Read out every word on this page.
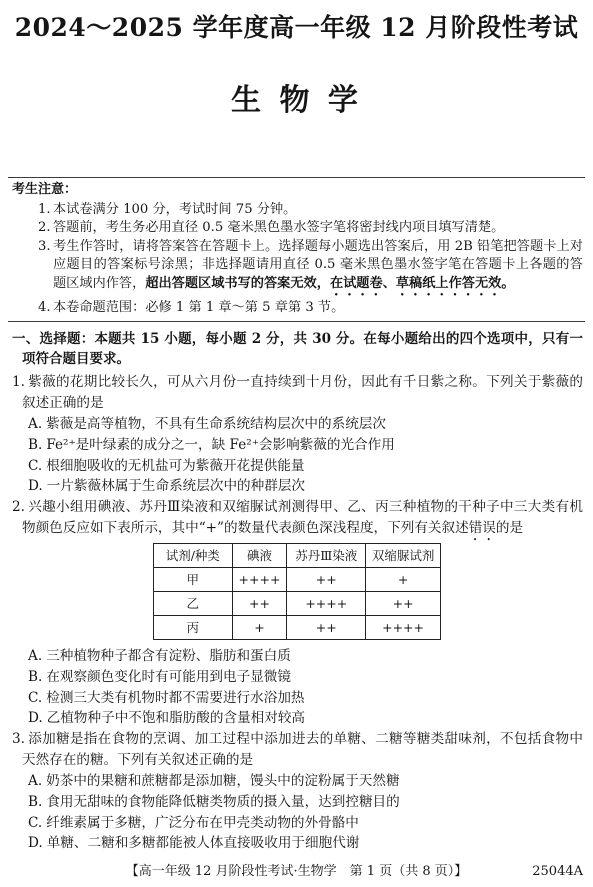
2024～2025 学年度高一年级 12 月阶段性考试
生 物 学
考生注意：
1. 本试卷满分 100 分，考试时间 75 分钟。
2. 答题前，考生务必用直径 0.5 毫米黑色墨水签字笔将密封线内项目填写清楚。
3. 考生作答时，请将答案答在答题卡上。选择题每小题选出答案后，用 2B 铅笔把答题卡上对应题目的答案标号涂黑；非选择题请用直径 0.5 毫米黑色墨水签字笔在答题卡上各题的答题区域内作答，超出答题区域书写的答案无效，在试题卷、草稿纸上作答无效。
4. 本卷命题范围：必修 1 第 1 章～第 5 章第 3 节。
一、选择题：本题共 15 小题，每小题 2 分，共 30 分。在每小题给出的四个选项中，只有一项符合题目要求。
1. 紫薇的花期比较长久，可从六月份一直持续到十月份，因此有千日紫之称。下列关于紫薇的叙述正确的是
A. 紫薇是高等植物，不具有生命系统结构层次中的系统层次
B. Fe²⁺是叶绿素的成分之一，缺 Fe²⁺会影响紫薇的光合作用
C. 根细胞吸收的无机盐可为紫薇开花提供能量
D. 一片紫薇林属于生命系统层次中的种群层次
2. 兴趣小组用碘液、苏丹Ⅲ染液和双缩脲试剂测得甲、乙、丙三种植物的干种子中三大类有机物颜色反应如下表所示，其中“+”的数量代表颜色深浅程度，下列有关叙述错误的是
试剂/种类	碘液	苏丹Ⅲ染液	双缩脲试剂
甲	++++	++	+
乙	++	++++	++
丙	+	++	++++
A. 三种植物种子都含有淀粉、脂肪和蛋白质
B. 在观察颜色变化时有可能用到电子显微镜
C. 检测三大类有机物时都不需要进行水浴加热
D. 乙植物种子中不饱和脂肪酸的含量相对较高
3. 添加糖是指在食物的烹调、加工过程中添加进去的单糖、二糖等糖类甜味剂，不包括食物中天然存在的糖。下列有关叙述正确的是
A. 奶茶中的果糖和蔗糖都是添加糖，馒头中的淀粉属于天然糖
B. 食用无甜味的食物能降低糖类物质的摄入量，达到控糖目的
C. 纤维素属于多糖，广泛分布在甲壳类动物的外骨骼中
D. 单糖、二糖和多糖都能被人体直接吸收用于细胞代谢
【高一年级 12 月阶段性考试·生物学　第 1 页（共 8 页）】	25044A
